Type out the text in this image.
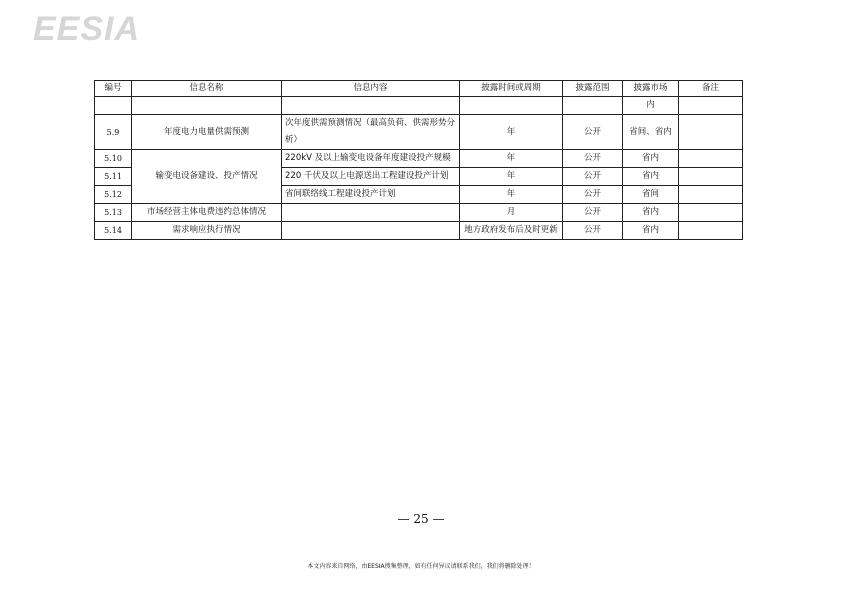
EESIA
编号	信息名称	信息内容	披露时间或周期	披露范围	披露市场	备注
					内	
5.9	年度电力电量供需预测	次年度供需预测情况（最高负荷、供需形势分析）	年	公开	省间、省内	
5.10	输变电设备建设、投产情况	220kV 及以上输变电设备年度建设投产规模	年	公开	省内	
5.11		220 千伏及以上电源送出工程建设投产计划	年	公开	省内	
5.12		省间联络线工程建设投产计划	年	公开	省间	
5.13	市场经营主体电费违约总体情况		月	公开	省内	
5.14	需求响应执行情况		地方政府发布后及时更新	公开	省内	
— 25 —
本文内容来自网络，由EESIA搜集整理，如有任何异议请联系我们，我们将删除处理！
